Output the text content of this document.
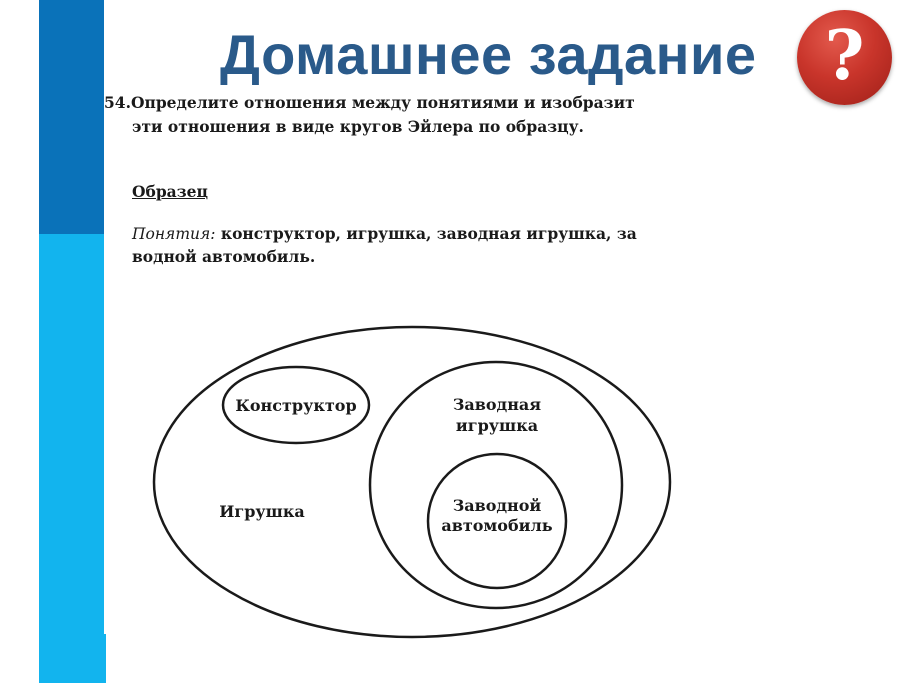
Домашнее задание ?
54.Определите отношения между понятиями и изобразит
эти отношения в виде кругов Эйлера по образцу.
Образец
Понятия: конструктор, игрушка, заводная игрушка, за
водной автомобиль.
Конструктор	Заводная
игрушка
Заводной
автомобиль
Игрушка
